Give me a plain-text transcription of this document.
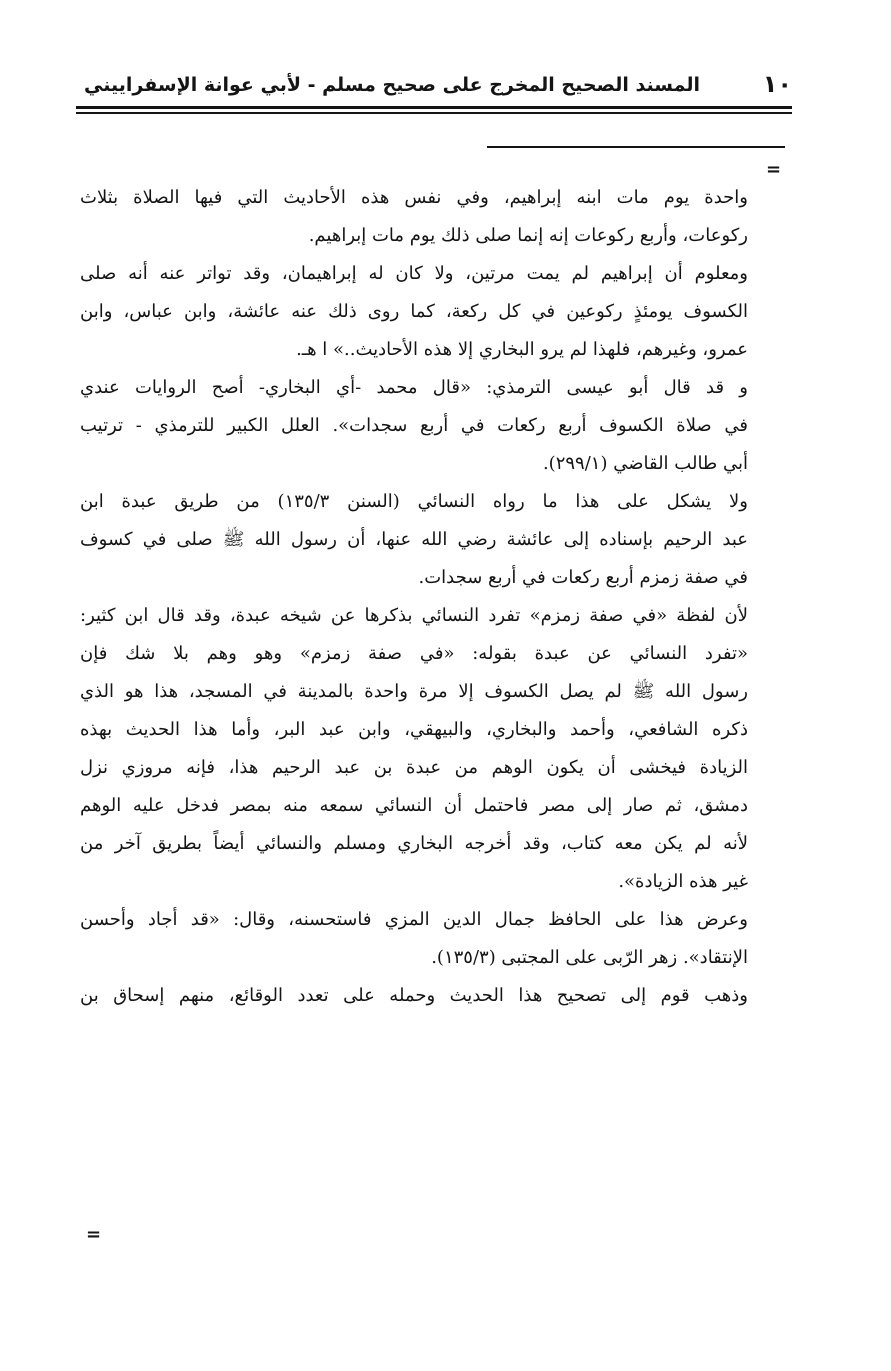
١٠
المسند الصحيح المخرج على صحيح مسلم - لأبي عوانة الإسفراييني
=
واحدة يوم مات ابنه إبراهيم، وفي نفس هذه الأحاديث التي فيها الصلاة بثلاث
ركوعات، وأربع ركوعات إنه إنما صلى ذلك يوم مات إبراهيم.
ومعلوم أن إبراهيم لم يمت مرتين، ولا كان له إبراهيمان، وقد تواتر عنه أنه صلى
الكسوف يومئذٍ ركوعين في كل ركعة، كما روى ذلك عنه عائشة، وابن عباس، وابن
عمرو، وغيرهم، فلهذا لم يرو البخاري إلا هذه الأحاديث..» ا هـ.
و قد قال أبو عيسى الترمذي: «قال محمد -أي البخاري- أصح الروايات عندي
في صلاة الكسوف أربع ركعات في أربع سجدات». العلل الكبير للترمذي - ترتيب
أبي طالب القاضي (٢٩٩/١).
ولا يشكل على هذا ما رواه النسائي (السنن ١٣٥/٣) من طريق عبدة ابن
عبد الرحيم بإسناده إلى عائشة رضي الله عنها، أن رسول الله ﷺ صلى في كسوف
في صفة زمزم أربع ركعات في أربع سجدات.
لأن لفظة «في صفة زمزم» تفرد النسائي بذكرها عن شيخه عبدة، وقد قال ابن كثير:
«تفرد النسائي عن عبدة بقوله: «في صفة زمزم» وهو وهم بلا شك فإن
رسول الله ﷺ لم يصل الكسوف إلا مرة واحدة بالمدينة في المسجد، هذا هو الذي
ذكره الشافعي، وأحمد والبخاري، والبيهقي، وابن عبد البر، وأما هذا الحديث بهذه
الزيادة فيخشى أن يكون الوهم من عبدة بن عبد الرحيم هذا، فإنه مروزي نزل
دمشق، ثم صار إلى مصر فاحتمل أن النسائي سمعه منه بمصر فدخل عليه الوهم
لأنه لم يكن معه كتاب، وقد أخرجه البخاري ومسلم والنسائي أيضاً بطريق آخر من
غير هذه الزيادة».
وعرض هذا على الحافظ جمال الدين المزي فاستحسنه، وقال: «قد أجاد وأحسن
الإنتقاد». زهر الرّبى على المجتبى (١٣٥/٣).
وذهب قوم إلى تصحيح هذا الحديث وحمله على تعدد الوقائع، منهم إسحاق بن
=
